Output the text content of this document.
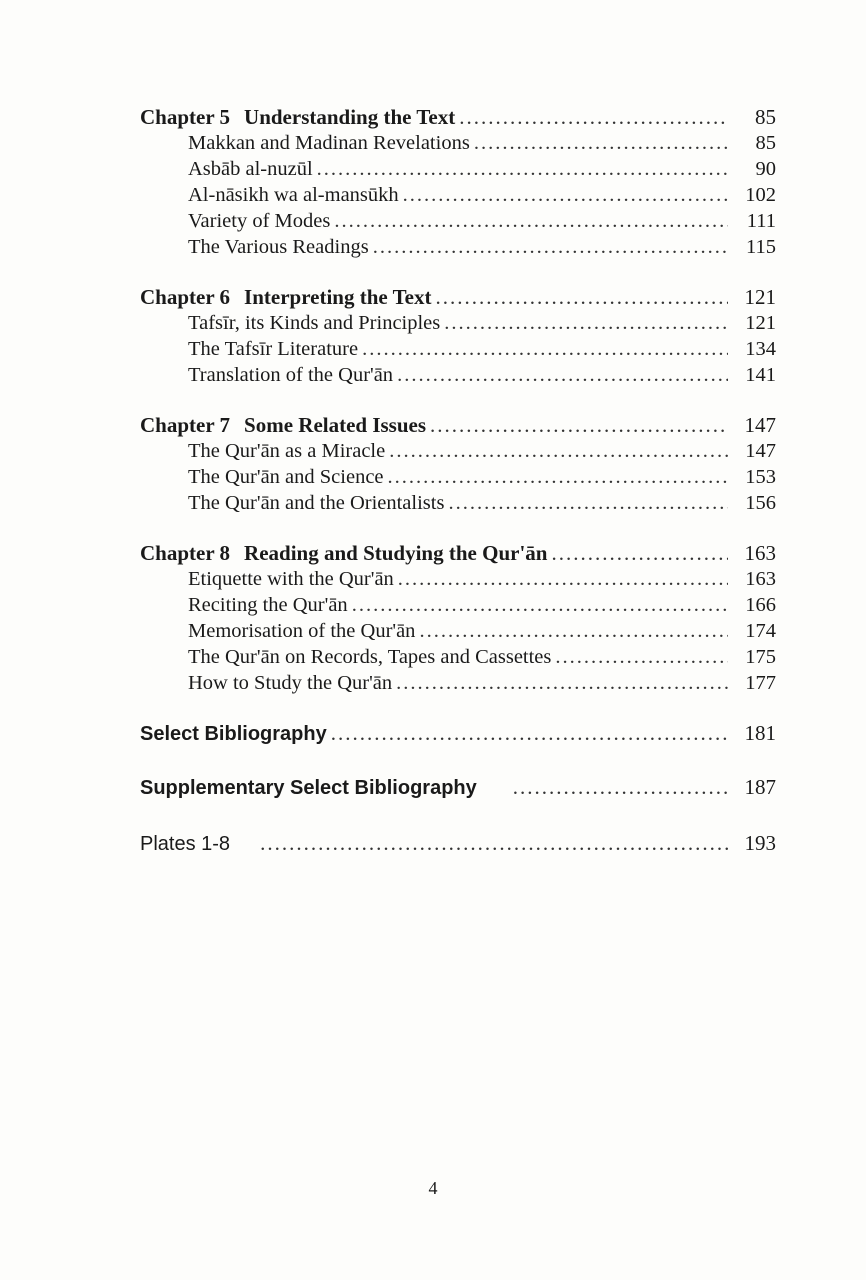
Chapter 5 Understanding the Text .....	85
Makkan and Madinan Revelations .....	85
Asbāb al-nuzūl .....	90
Al-nāsikh wa al-mansūkh .....	102
Variety of Modes .....	111
The Various Readings .....	115
Chapter 6 Interpreting the Text .....	121
Tafsīr, its Kinds and Principles .....	121
The Tafsīr Literature .....	134
Translation of the Qur'ān .....	141
Chapter 7 Some Related Issues .....	147
The Qur'ān as a Miracle .....	147
The Qur'ān and Science .....	153
The Qur'ān and the Orientalists .....	156
Chapter 8 Reading and Studying the Qur'ān .....	163
Etiquette with the Qur'ān .....	163
Reciting the Qur'ān .....	166
Memorisation of the Qur'ān .....	174
The Qur'ān on Records, Tapes and Cassettes .....	175
How to Study the Qur'ān .....	177
Select Bibliography .....	181
Supplementary Select Bibliography .....	187
Plates 1-8 .....	193
4
